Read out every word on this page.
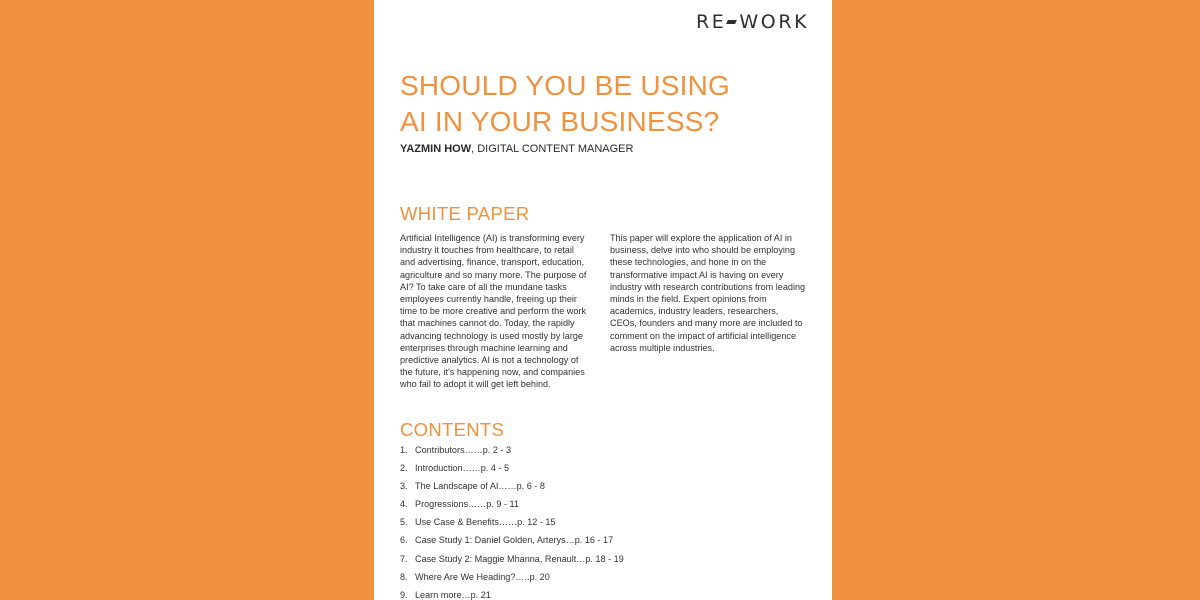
RE WORK
SHOULD YOU BE USING
AI IN YOUR BUSINESS?
YAZMIN HOW, DIGITAL CONTENT MANAGER
WHITE PAPER

Artificial Intelligence (AI) is transforming every industry it touches from healthcare, to retail and advertising, finance, transport, education, agriculture and so many more. The purpose of AI? To take care of all the mundane tasks employees currently handle, freeing up their time to be more creative and perform the work that machines cannot do. Today, the rapidly advancing technology is used mostly by large enterprises through machine learning and predictive analytics. AI is not a technology of the future, it's happening now, and companies who fail to adopt it will get left behind.

This paper will explore the application of AI in business, delve into who should be employing these technologies, and hone in on the transformative impact AI is having on every industry with research contributions from leading minds in the field. Expert opinions from academics, industry leaders, researchers, CEOs, founders and many more are included to comment on the impact of artificial intelligence across multiple industries.

CONTENTS
1. Contributors……p. 2 - 3
2. Introduction……p. 4 - 5
3. The Landscape of AI……p. 6 - 8
4. Progressions……p. 9 - 11
5. Use Case & Benefits……p. 12 - 15
6. Case Study 1: Daniel Golden, Arterys…p. 16 - 17
7. Case Study 2: Maggie Mhanna, Renault…p. 18 - 19
8. Where Are We Heading?…..p. 20
9. Learn more…p. 21
